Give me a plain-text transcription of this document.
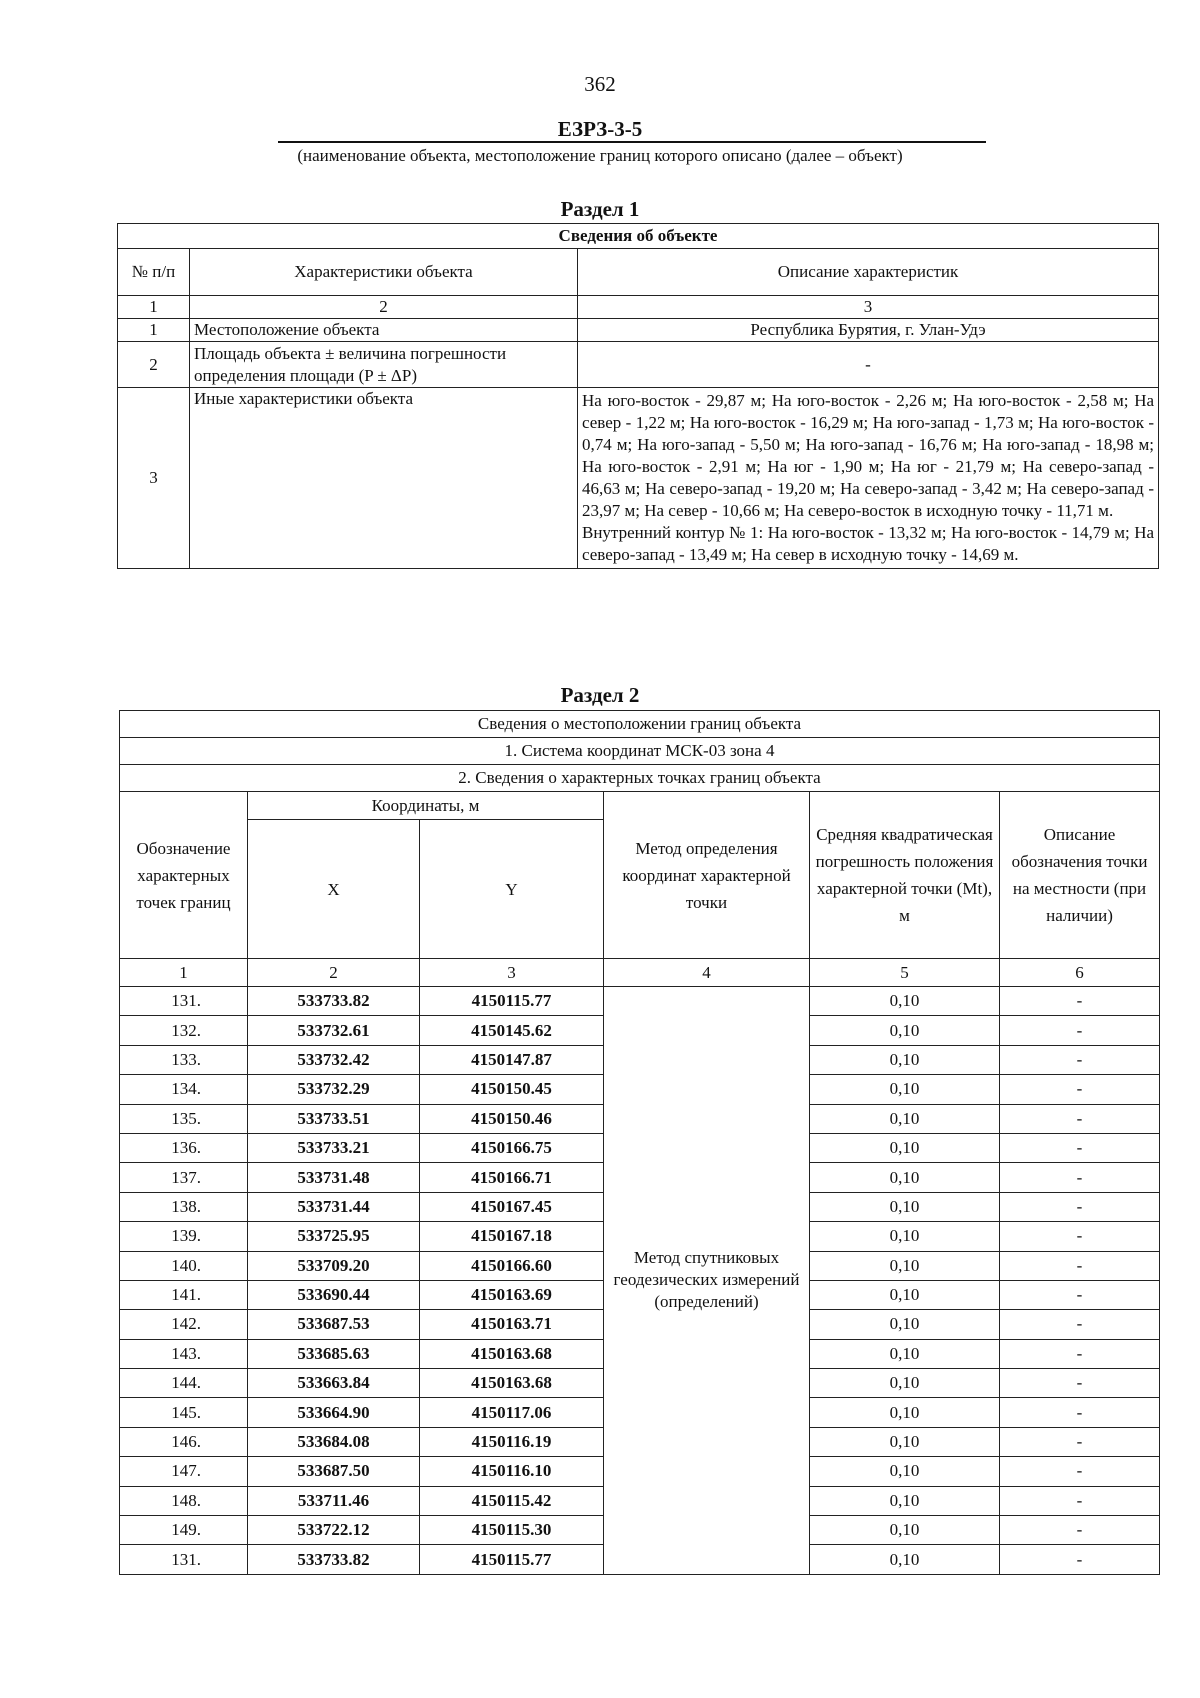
362
ЕЗРЗ-3-5
(наименование объекта, местоположение границ которого описано (далее – объект)
Раздел 1
Сведения об объекте		
№ п/п	Характеристики объекта	Описание характеристик
1	2	3
1	Местоположение объекта	Республика Бурятия, г. Улан-Удэ
2	Площадь объекта ± величина погрешности определения площади (P ± ΔP)	-
3	Иные характеристики объекта	На юго-восток - 29,87 м; На юго-восток - 2,26 м; На юго-восток - 2,58 м; На север - 1,22 м; На юго-восток - 16,29 м; На юго-запад - 1,73 м; На юго-восток - 0,74 м; На юго-запад - 5,50 м; На юго-запад - 16,76 м; На юго-запад - 18,98 м; На юго-восток - 2,91 м; На юг - 1,90 м; На юг - 21,79 м; На северо-запад - 46,63 м; На северо-запад - 19,20 м; На северо-запад - 3,42 м; На северо-запад - 23,97 м; На север - 10,66 м; На северо-восток в исходную точку - 11,71 м.
Внутренний контур № 1: На юго-восток - 13,32 м; На юго-восток - 14,79 м; На северо-запад - 13,49 м; На север в исходную точку - 14,69 м.
Раздел 2
Сведения о местоположении границ объекта					
1. Система координат МСК-03 зона 4					
2. Сведения о характерных точках границ объекта					
Обозначение характерных точек границ	Координаты, м		Метод определения координат характерной точки	Средняя квадратическая погрешность положения характерной точки (Mt), м	Описание обозначения точки на местности (при наличии)
	X	Y			
1	2	3	4	5	6
131.	533733.82	4150115.77	Метод спутниковых геодезических измерений (определений)	0,10	-
132.	533732.61	4150145.62		0,10	-
133.	533732.42	4150147.87		0,10	-
134.	533732.29	4150150.45		0,10	-
135.	533733.51	4150150.46		0,10	-
136.	533733.21	4150166.75		0,10	-
137.	533731.48	4150166.71		0,10	-
138.	533731.44	4150167.45		0,10	-
139.	533725.95	4150167.18		0,10	-
140.	533709.20	4150166.60		0,10	-
141.	533690.44	4150163.69		0,10	-
142.	533687.53	4150163.71		0,10	-
143.	533685.63	4150163.68		0,10	-
144.	533663.84	4150163.68		0,10	-
145.	533664.90	4150117.06		0,10	-
146.	533684.08	4150116.19		0,10	-
147.	533687.50	4150116.10		0,10	-
148.	533711.46	4150115.42		0,10	-
149.	533722.12	4150115.30		0,10	-
131.	533733.82	4150115.77		0,10	-
